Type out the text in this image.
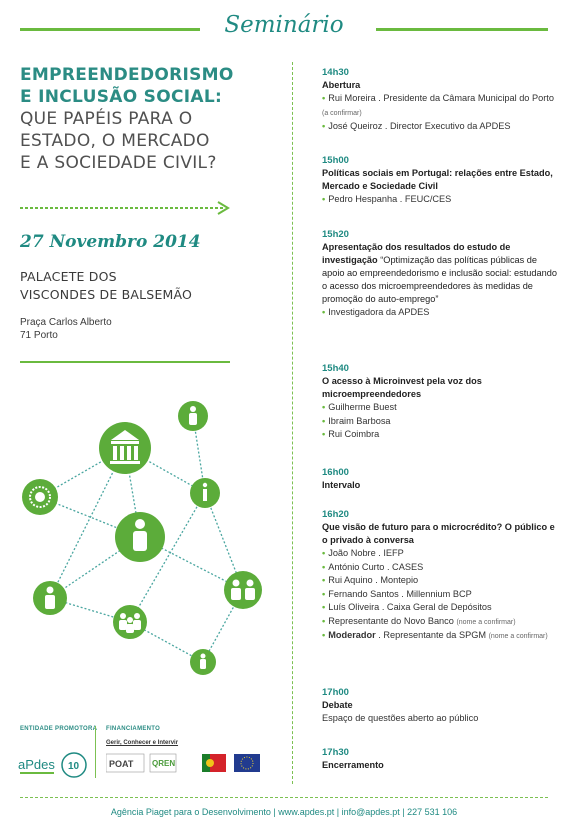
Seminário
EMPREENDEDORISMO
E INCLUSÃO SOCIAL:
QUE PAPÉIS PARA O
ESTADO, O MERCADO
E A SOCIEDADE CIVIL?
27 Novembro 2014
PALACETE DOS
VISCONDES DE BALSEMÃO
Praça Carlos Alberto
71 Porto
14h30
Abertura
• Rui Moreira . Presidente da Câmara Municipal do Porto (a confirmar)
• José Queiroz . Director Executivo da APDES
15h00
Políticas sociais em Portugal: relações entre Estado, Mercado e Sociedade Civil
• Pedro Hespanha . FEUC/CES
15h20
Apresentação dos resultados do estudo de investigação “Optimização das políticas públicas de apoio ao empreendedorismo e inclusão social: estudando o acesso dos microempreendedores às medidas de promoção do auto-emprego”
• Investigadora da APDES
15h40
O acesso à Microinvest pela voz dos microempreendedores
• Guilherme Buest
• Ibraim Barbosa
• Rui Coimbra
16h00
Intervalo
16h20
Que visão de futuro para o microcrédito? O público e o privado à conversa
• João Nobre . IEFP
• António Curto . CASES
• Rui Aquino . Montepio
• Fernando Santos . Millennium BCP
• Luís Oliveira . Caixa Geral de Depósitos
• Representante do Novo Banco (nome a confirmar)
• Moderador . Representante da SPGM (nome a confirmar)
17h00
Debate
Espaço de questões aberto ao público
17h30
Encerramento
ENTIDADE PROMOTORA FINANCIAMENTO
Gerir, Conhecer e Intervir
aPdes 10	POAT QREN
Agência Piaget para o Desenvolvimento | www.apdes.pt | info@apdes.pt | 227 531 106
